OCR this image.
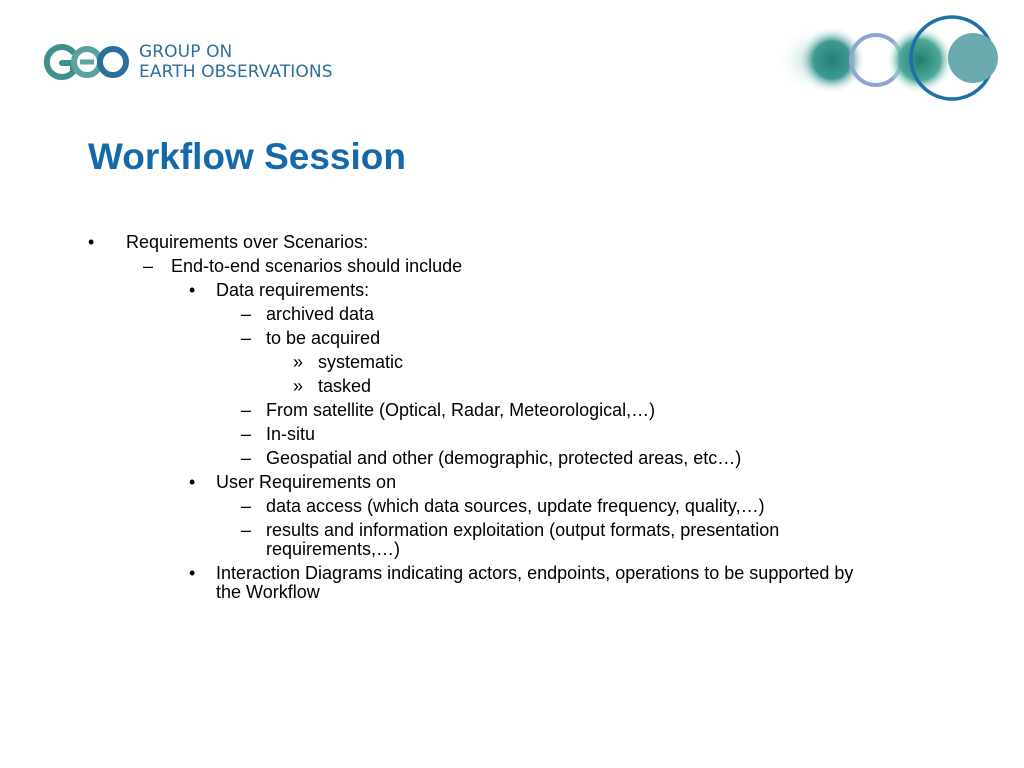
GROUP ON
EARTH OBSERVATIONS
Workflow Session
• Requirements over Scenarios:
– End-to-end scenarios should include
• Data requirements:
– archived data
– to be acquired
» systematic
» tasked
– From satellite (Optical, Radar, Meteorological,…)
– In-situ
– Geospatial and other (demographic, protected areas, etc…)
• User Requirements on
– data access (which data sources, update frequency, quality,…)
– results and information exploitation (output formats, presentation
requirements,…)
• Interaction Diagrams indicating actors, endpoints, operations to be supported by
the Workflow
